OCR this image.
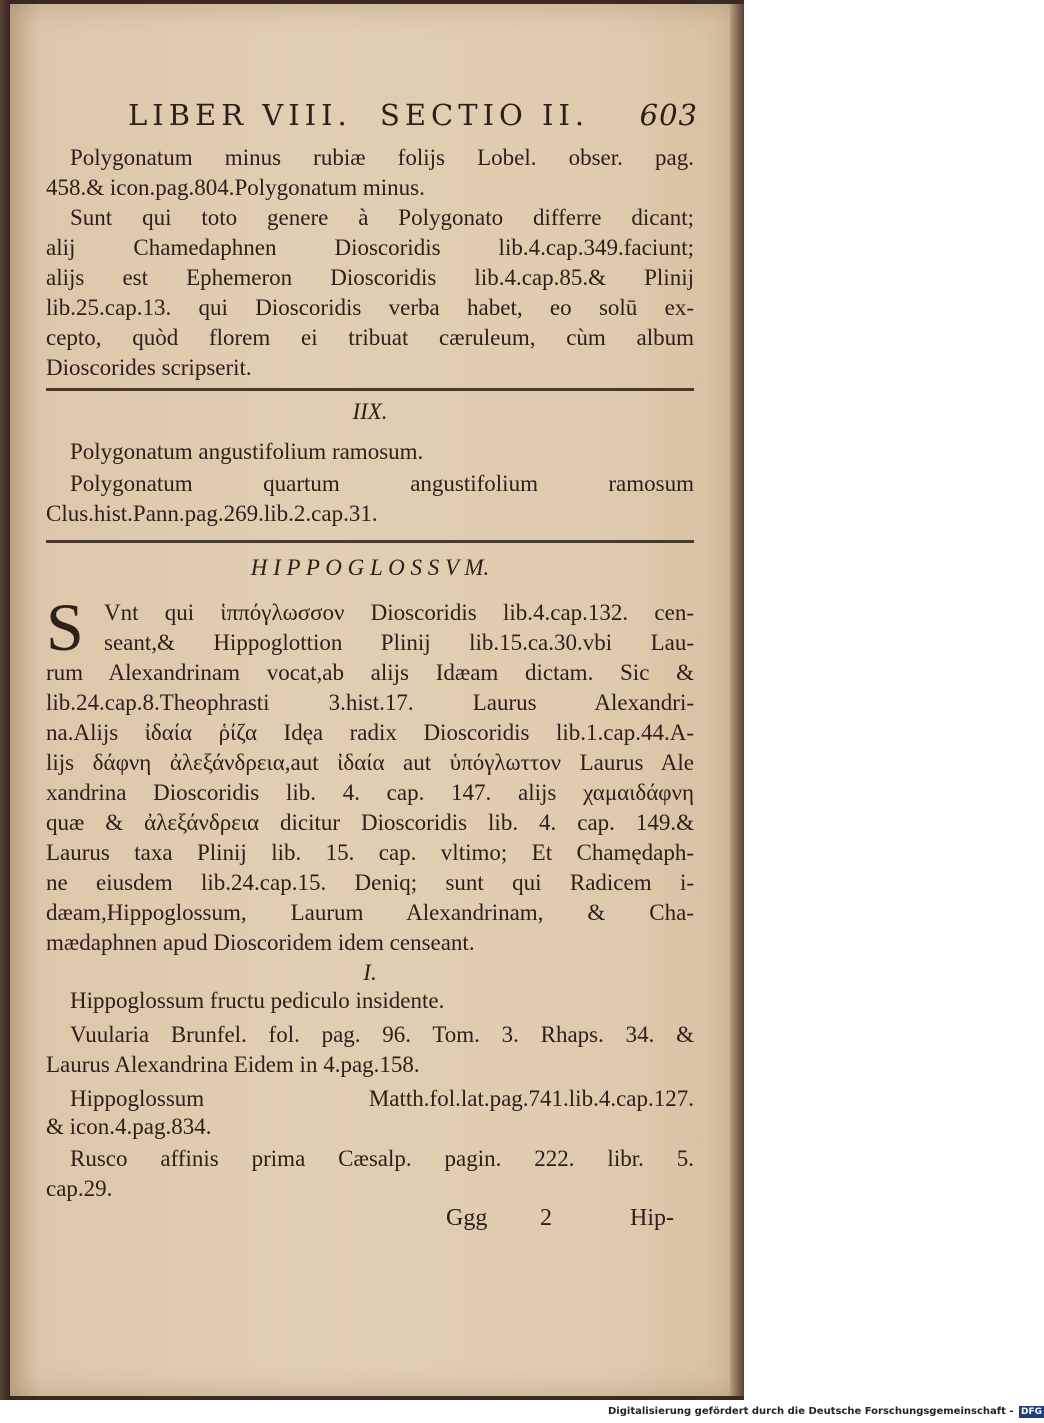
LIBER VIII. SECTIO II. 603
Polygonatum minus rubiæ folijs Lobel. obser. pag.
458.& icon.pag.804.Polygonatum minus.
Sunt qui toto genere à Polygonato differre dicant;
alij Chamedaphnen Dioscoridis lib.4.cap.349.faciunt;
alijs est Ephemeron Dioscoridis lib.4.cap.85.& Plinij
lib.25.cap.13. qui Dioscoridis verba habet, eo solū ex-
cepto, quòd florem ei tribuat cæruleum, cùm album
Dioscorides scripserit.
IIX.
Polygonatum angustifolium ramosum.
Polygonatum quartum angustifolium ramosum
Clus.hist.Pann.pag.269.lib.2.cap.31.
H I P P O G L O S S V M.
S Vnt qui ἱππόγλωσσον Dioscoridis lib.4.cap.132. cen-
seant,& Hippoglottion Plinij lib.15.ca.30.vbi Lau-
rum Alexandrinam vocat,ab alijs Idæam dictam. Sic &
lib.24.cap.8.Theophrasti 3.hist.17. Laurus Alexandri-
na.Alijs ἰδαία ῥίζα Idęa radix Dioscoridis lib.1.cap.44.A-
lijs δάφνη ἀλεξάνδρεια,aut ἰδαία aut ὑπόγλωττον Laurus Ale
xandrina Dioscoridis lib. 4. cap. 147. alijs χαμαιδάφνη
quæ & ἀλεξάνδρεια dicitur Dioscoridis lib. 4. cap. 149.&
Laurus taxa Plinij lib. 15. cap. vltimo; Et Chamędaph-
ne eiusdem lib.24.cap.15. Deniq; sunt qui Radicem i-
dæam,Hippoglossum, Laurum Alexandrinam, & Cha-
mædaphnen apud Dioscoridem idem censeant.
I.
Hippoglossum fructu pediculo insidente.
Vuularia Brunfel. fol. pag. 96. Tom. 3. Rhaps. 34. &
Laurus Alexandrina Eidem in 4.pag.158.
Hippoglossum Matth.fol.lat.pag.741.lib.4.cap.127.
& icon.4.pag.834.
Rusco affinis prima Cæsalp. pagin. 222. libr. 5.
cap.29.
Ggg 2	Hip-
Digitalisierung gefördert durch die Deutsche Forschungsgemeinschaft - DFG
